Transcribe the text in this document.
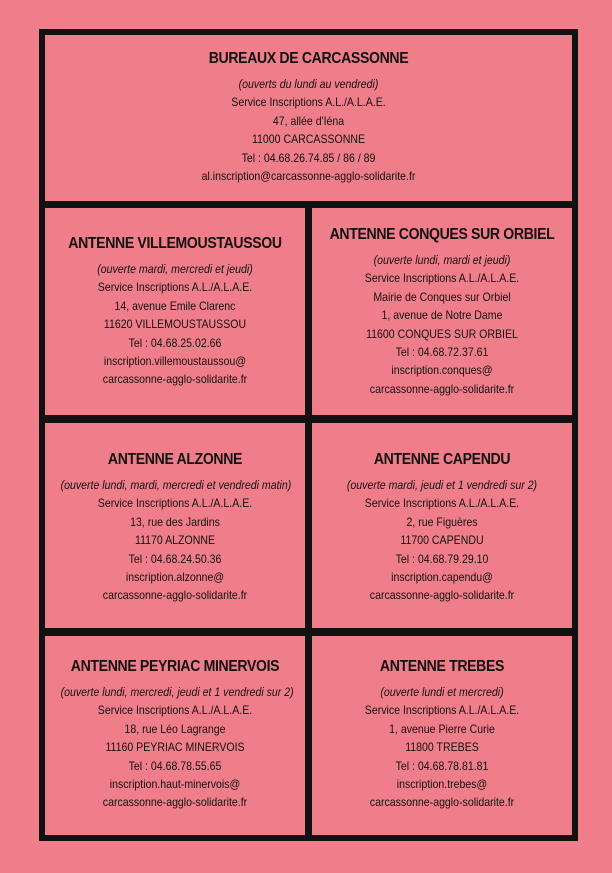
BUREAUX DE CARCASSONNE
(ouverts du lundi au vendredi)
Service Inscriptions A.L./A.L.A.E.
47, allée d'Iéna
11000 CARCASSONNE
Tel : 04.68.26.74.85 / 86 / 89
al.inscription@carcassonne-agglo-solidarite.fr
ANTENNE VILLEMOUSTAUSSOU
(ouverte mardi, mercredi et jeudi)
Service Inscriptions A.L./A.L.A.E.
14, avenue Emile Clarenc
11620 VILLEMOUSTAUSSOU
Tel : 04.68.25.02.66
inscription.villemoustaussou@
carcassonne-agglo-solidarite.fr
ANTENNE CONQUES SUR ORBIEL
(ouverte lundi, mardi et jeudi)
Service Inscriptions A.L./A.L.A.E.
Mairie de Conques sur Orbiel
1, avenue de Notre Dame
11600 CONQUES SUR ORBIEL
Tel : 04.68.72.37.61
inscription.conques@
carcassonne-agglo-solidarite.fr
ANTENNE ALZONNE
(ouverte lundi, mardi, mercredi et vendredi matin)
Service Inscriptions A.L./A.L.A.E.
13, rue des Jardins
11170 ALZONNE
Tel : 04.68.24.50.36
inscription.alzonne@
carcassonne-agglo-solidarite.fr
ANTENNE CAPENDU
(ouverte mardi, jeudi et 1 vendredi sur 2)
Service Inscriptions A.L./A.L.A.E.
2, rue Figuères
11700 CAPENDU
Tel : 04.68.79.29.10
inscription.capendu@
carcassonne-agglo-solidarite.fr
ANTENNE PEYRIAC MINERVOIS
(ouverte lundi, mercredi, jeudi et 1 vendredi sur 2)
Service Inscriptions A.L./A.L.A.E.
18, rue Léo Lagrange
11160 PEYRIAC MINERVOIS
Tel : 04.68.78.55.65
inscription.haut-minervois@
carcassonne-agglo-solidarite.fr
ANTENNE TREBES
(ouverte lundi et mercredi)
Service Inscriptions A.L./A.L.A.E.
1, avenue Pierre Curie
11800 TREBES
Tel : 04.68.78.81.81
inscription.trebes@
carcassonne-agglo-solidarite.fr
